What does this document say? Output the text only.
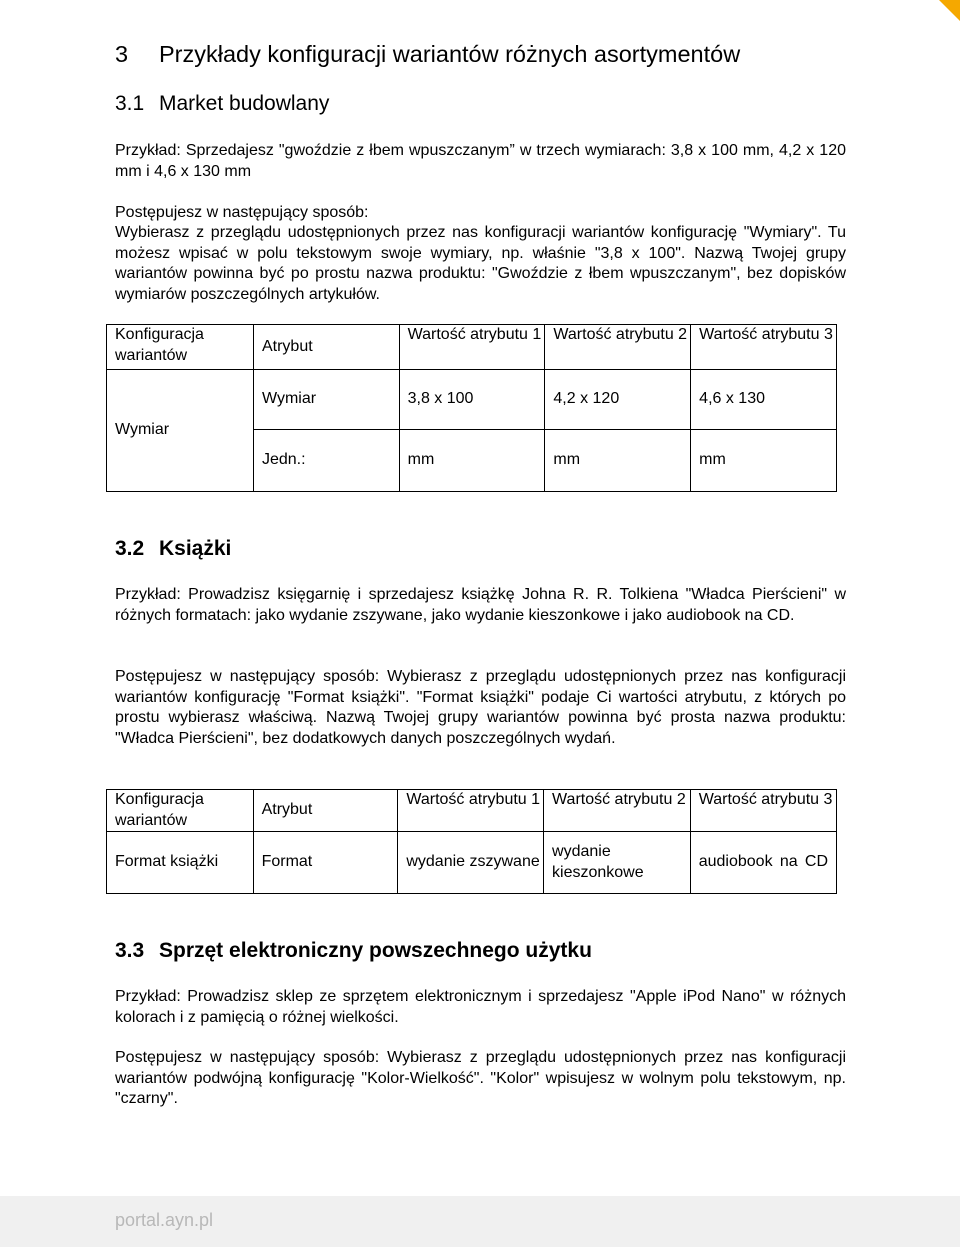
3 Przykłady konfiguracji wariantów różnych asortymentów
3.1 Market budowlany

Przykład: Sprzedajesz "gwoździe z łbem wpuszczanym” w trzech wymiarach: 3,8 x 100 mm, 4,2 x 120 mm i 4,6 x 130 mm

Postępujesz w następujący sposób:

Wybierasz z przeglądu udostępnionych przez nas konfiguracji wariantów konfigurację "Wymiary". Tu możesz wpisać w polu tekstowym swoje wymiary, np. właśnie "3,8 x 100". Nazwą Twojej grupy wariantów powinna być po prostu nazwa produktu: "Gwoździe z łbem wpuszczanym", bez dopisków wymiarów poszczególnych artykułów.

Konfiguracja wariantów	Atrybut	Wartość atrybutu 1	Wartość atrybutu 2	Wartość atrybutu 3
Wymiar	Wymiar	3,8 x 100	4,2 x 120	4,6 x 130
	Jedn.:	mm	mm	mm
3.2 Książki

Przykład: Prowadzisz księgarnię i sprzedajesz książkę Johna R. R. Tolkiena "Władca Pierścieni" w różnych formatach: jako wydanie zszywane, jako wydanie kieszonkowe i jako audiobook na CD.

Postępujesz w następujący sposób: Wybierasz z przeglądu udostępnionych przez nas konfiguracji wariantów konfigurację "Format książki". "Format książki" podaje Ci wartości atrybutu, z których po prostu wybierasz właściwą. Nazwą Twojej grupy wariantów powinna być prosta nazwa produktu: "Władca Pierścieni", bez dodatkowych danych poszczególnych wydań.

Konfiguracja wariantów	Atrybut	Wartość atrybutu 1	Wartość atrybutu 2	Wartość atrybutu 3
Format książki	Format	wydanie zszywane	wydanie kieszonkowe	audiobook na CD
3.3 Sprzęt elektroniczny powszechnego użytku

Przykład: Prowadzisz sklep ze sprzętem elektronicznym i sprzedajesz "Apple iPod Nano" w różnych kolorach i z pamięcią o różnej wielkości.

Postępujesz w następujący sposób: Wybierasz z przeglądu udostępnionych przez nas konfiguracji wariantów podwójną konfigurację "Kolor-Wielkość". "Kolor" wpisujesz w wolnym polu tekstowym, np. "czarny".

portal.ayn.pl
